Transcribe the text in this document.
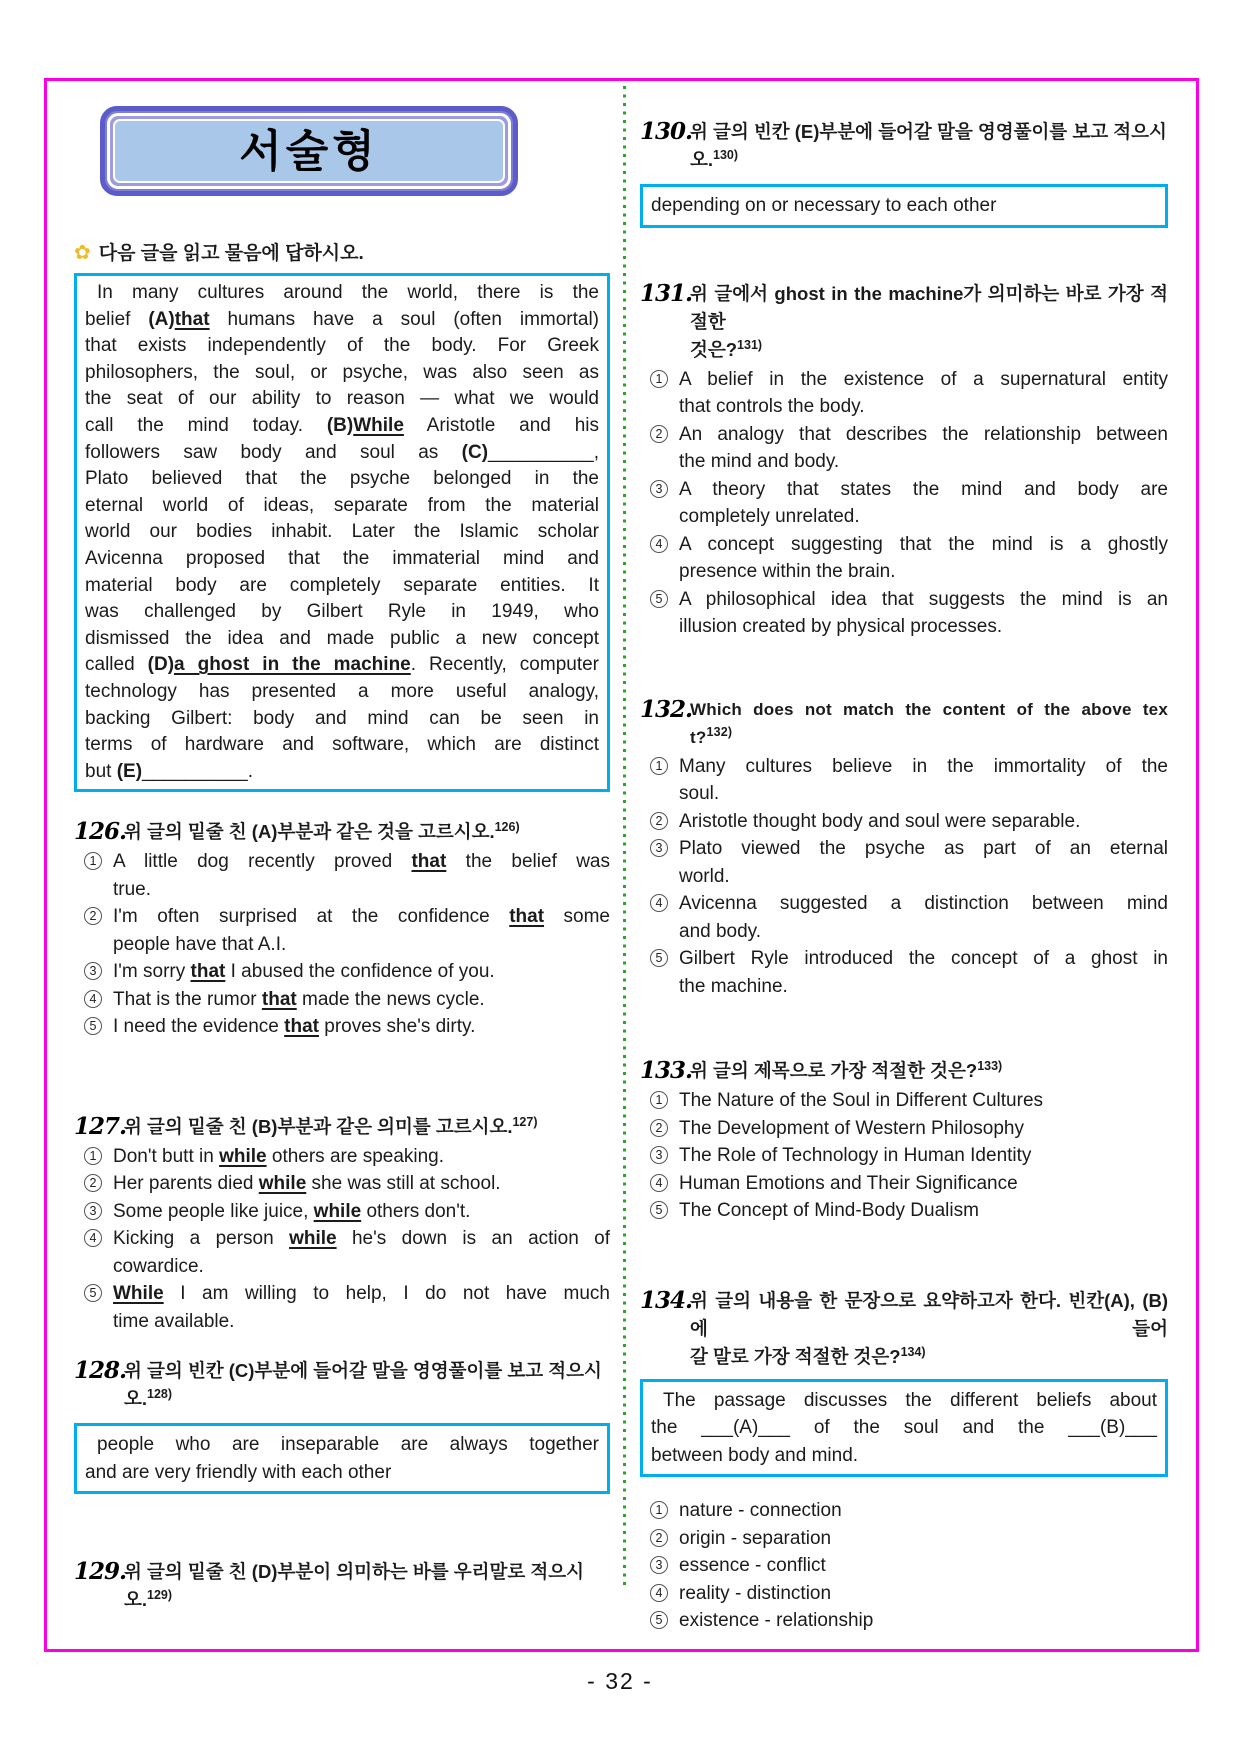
서술형
✿ 다음 글을 읽고 물음에 답하시오.
In many cultures around the world, there is the
belief (A)that humans have a soul (often immortal)
that exists independently of the body. For Greek
philosophers, the soul, or psyche, was also seen as
the seat of our ability to reason — what we would
call the mind today. (B)While Aristotle and his
followers saw body and soul as (C)__________,
Plato believed that the psyche belonged in the
eternal world of ideas, separate from the material
world our bodies inhabit. Later the Islamic scholar
Avicenna proposed that the immaterial mind and
material body are completely separate entities. It
was challenged by Gilbert Ryle in 1949, who
dismissed the idea and made public a new concept
called (D)a ghost in the machine. Recently, computer
technology has presented a more useful analogy,
backing Gilbert: body and mind can be seen in
terms of hardware and software, which are distinct
but (E)__________.
126.
위 글의 밑줄 친 (A)부분과 같은 것을 고르시오.$^{126)}$
1 A little dog recently proved that the belief was
true.
2 I'm often surprised at the confidence that some
people have that A.I.
3 I'm sorry that I abused the confidence of you.
4 That is the rumor that made the news cycle.
5 I need the evidence that proves she's dirty.
127.
위 글의 밑줄 친 (B)부분과 같은 의미를 고르시오.$^{127)}$
1 Don't butt in while others are speaking.
2 Her parents died while she was still at school.
3 Some people like juice, while others don't.
4 Kicking a person while he's down is an action of
cowardice.
5 While I am willing to help, I do not have much
time available.
128.
위 글의 빈칸 (C)부분에 들어갈 말을 영영풀이를 보고 적으시오.$^{128)}$
people who are inseparable are always together
and are very friendly with each other
129.
위 글의 밑줄 친 (D)부분이 의미하는 바를 우리말로 적으시오.$^{129)}$
130.
위 글의 빈칸 (E)부분에 들어갈 말을 영영풀이를 보고 적으시오.$^{130)}$
depending on or necessary to each other
131.
위 글에서 ghost in the machine가 의미하는 바로 가장 적절한
것은?$^{131)}$
1 A belief in the existence of a supernatural entity
that controls the body.
2 An analogy that describes the relationship between
the mind and body.
3 A theory that states the mind and body are
completely unrelated.
4 A concept suggesting that the mind is a ghostly
presence within the brain.
5 A philosophical idea that suggests the mind is an
illusion created by physical processes.
132.
Which does not match the content of the above tex
t?$^{132)}$
1 Many cultures believe in the immortality of the
soul.
2 Aristotle thought body and soul were separable.
3 Plato viewed the psyche as part of an eternal
world.
4 Avicenna suggested a distinction between mind
and body.
5 Gilbert Ryle introduced the concept of a ghost in
the machine.
133.
위 글의 제목으로 가장 적절한 것은?$^{133)}$
1 The Nature of the Soul in Different Cultures
2 The Development of Western Philosophy
3 The Role of Technology in Human Identity
4 Human Emotions and Their Significance
5 The Concept of Mind-Body Dualism
134.
위 글의 내용을 한 문장으로 요약하고자 한다. 빈칸(A), (B)에 들어
갈 말로 가장 적절한 것은?$^{134)}$
The passage discusses the different beliefs about
the ___(A)___ of the soul and the ___(B)___
between body and mind.
1 nature - connection
2 origin - separation
3 essence - conflict
4 reality - distinction
5 existence - relationship
- 32 -
